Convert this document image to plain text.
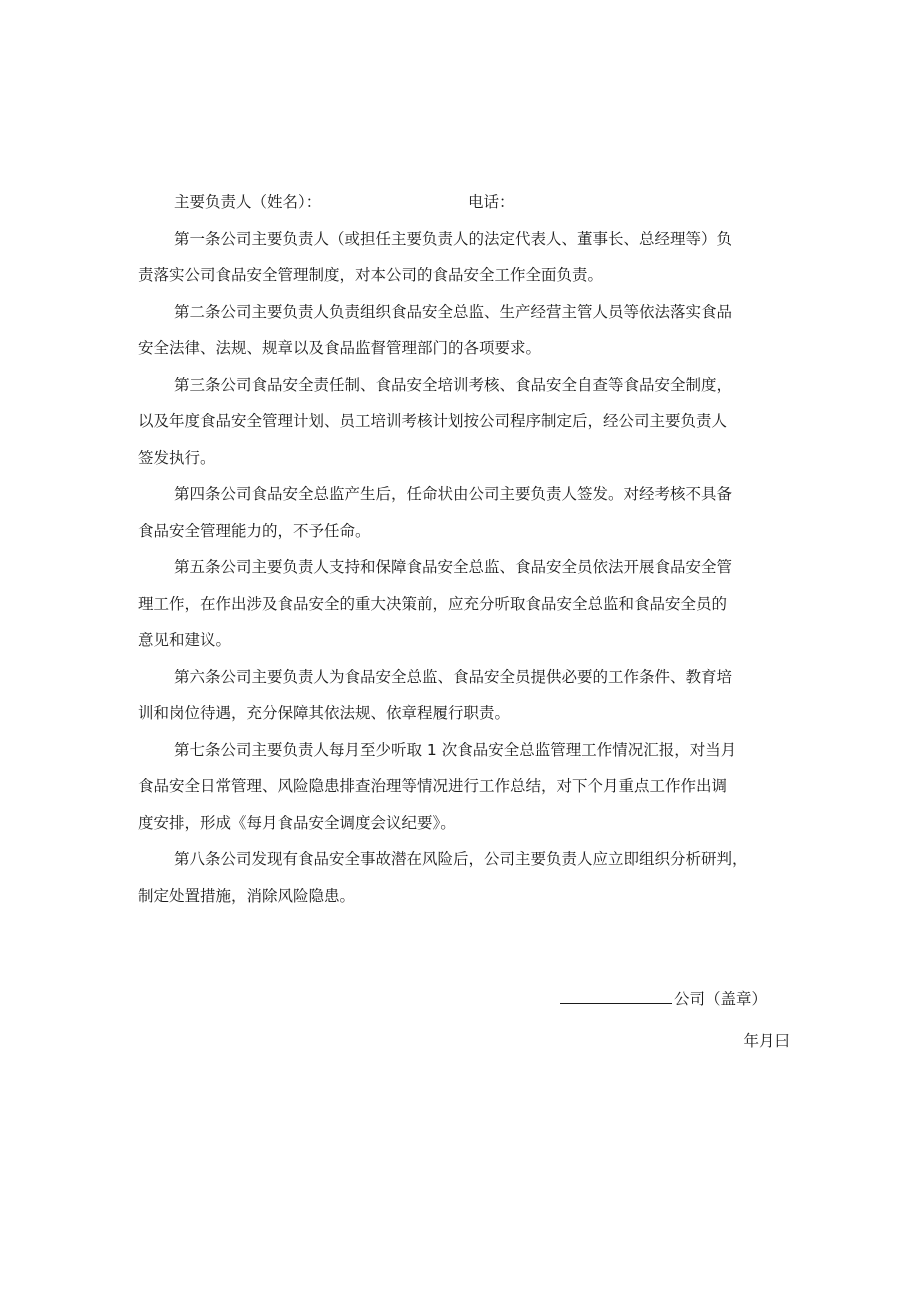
主要负责人（姓名）：	电话：
第一条公司主要负责人（或担任主要负责人的法定代表人、董事长、总经理等）负
责落实公司食品安全管理制度，对本公司的食品安全工作全面负责。
第二条公司主要负责人负责组织食品安全总监、生产经营主管人员等依法落实食品
安全法律、法规、规章以及食品监督管理部门的各项要求。
第三条公司食品安全责任制、食品安全培训考核、食品安全自查等食品安全制度，
以及年度食品安全管理计划、员工培训考核计划按公司程序制定后，经公司主要负责人
签发执行。
第四条公司食品安全总监产生后，任命状由公司主要负责人签发。对经考核不具备
食品安全管理能力的，不予任命。
第五条公司主要负责人支持和保障食品安全总监、食品安全员依法开展食品安全管
理工作，在作出涉及食品安全的重大决策前，应充分听取食品安全总监和食品安全员的
意见和建议。
第六条公司主要负责人为食品安全总监、食品安全员提供必要的工作条件、教育培
训和岗位待遇，充分保障其依法规、依章程履行职责。
第七条公司主要负责人每月至少听取 1 次食品安全总监管理工作情况汇报，对当月
食品安全日常管理、风险隐患排查治理等情况进行工作总结，对下个月重点工作作出调
度安排，形成《每月食品安全调度会议纪要》。
第八条公司发现有食品安全事故潜在风险后，公司主要负责人应立即组织分析研判，
制定处置措施，消除风险隐患。
公司（盖章）
年月曰
